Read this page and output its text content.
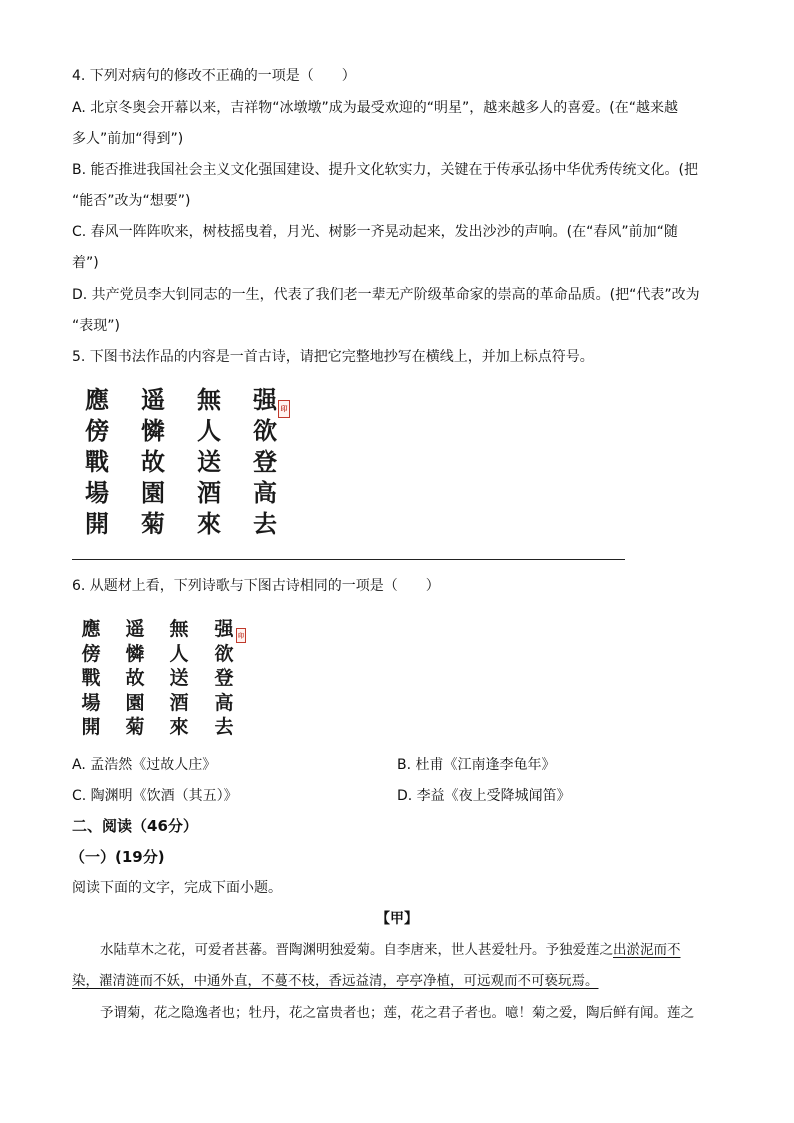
4. 下列对病句的修改不正确的一项是（　　）
A. 北京冬奥会开幕以来，吉祥物“冰墩墩”成为最受欢迎的“明星”，越来越多人的喜爱。(在“越来越
多人”前加“得到”)
B. 能否推进我国社会主义文化强国建设、提升文化软实力，关键在于传承弘扬中华优秀传统文化。(把
“能否”改为“想要”)
C. 春风一阵阵吹来，树枝摇曳着，月光、树影一齐晃动起来，发出沙沙的声响。(在“春风”前加“随
着”)
D. 共产党员李大钊同志的一生，代表了我们老一辈无产阶级革命家的崇高的革命品质。(把“代表”改为
“表现”)
5. 下图书法作品的内容是一首古诗，请把它完整地抄写在横线上，并加上标点符号。
强
欲
登
高
去
無
人
送
酒
來
遥
憐
故
園
菊
應
傍
戰
場
開
印
6. 从题材上看，下列诗歌与下图古诗相同的一项是（　　）
强
欲
登
高
去
無
人
送
酒
來
遥
憐
故
園
菊
應
傍
戰
場
開
印
A. 孟浩然《过故人庄》	B. 杜甫《江南逢李龟年》
C. 陶渊明《饮酒（其五）》	D. 李益《夜上受降城闻笛》
二、阅读（46分）
（一）(19分)
阅读下面的文字，完成下面小题。
【甲】
水陆草木之花，可爱者甚蕃。晋陶渊明独爱菊。自李唐来，世人甚爱牡丹。予独爱莲之出淤泥而不
染，濯清涟而不妖，中通外直，不蔓不枝，香远益清，亭亭净植，可远观而不可亵玩焉。
予谓菊，花之隐逸者也；牡丹，花之富贵者也；莲，花之君子者也。噫！菊之爱，陶后鲜有闻。莲之
